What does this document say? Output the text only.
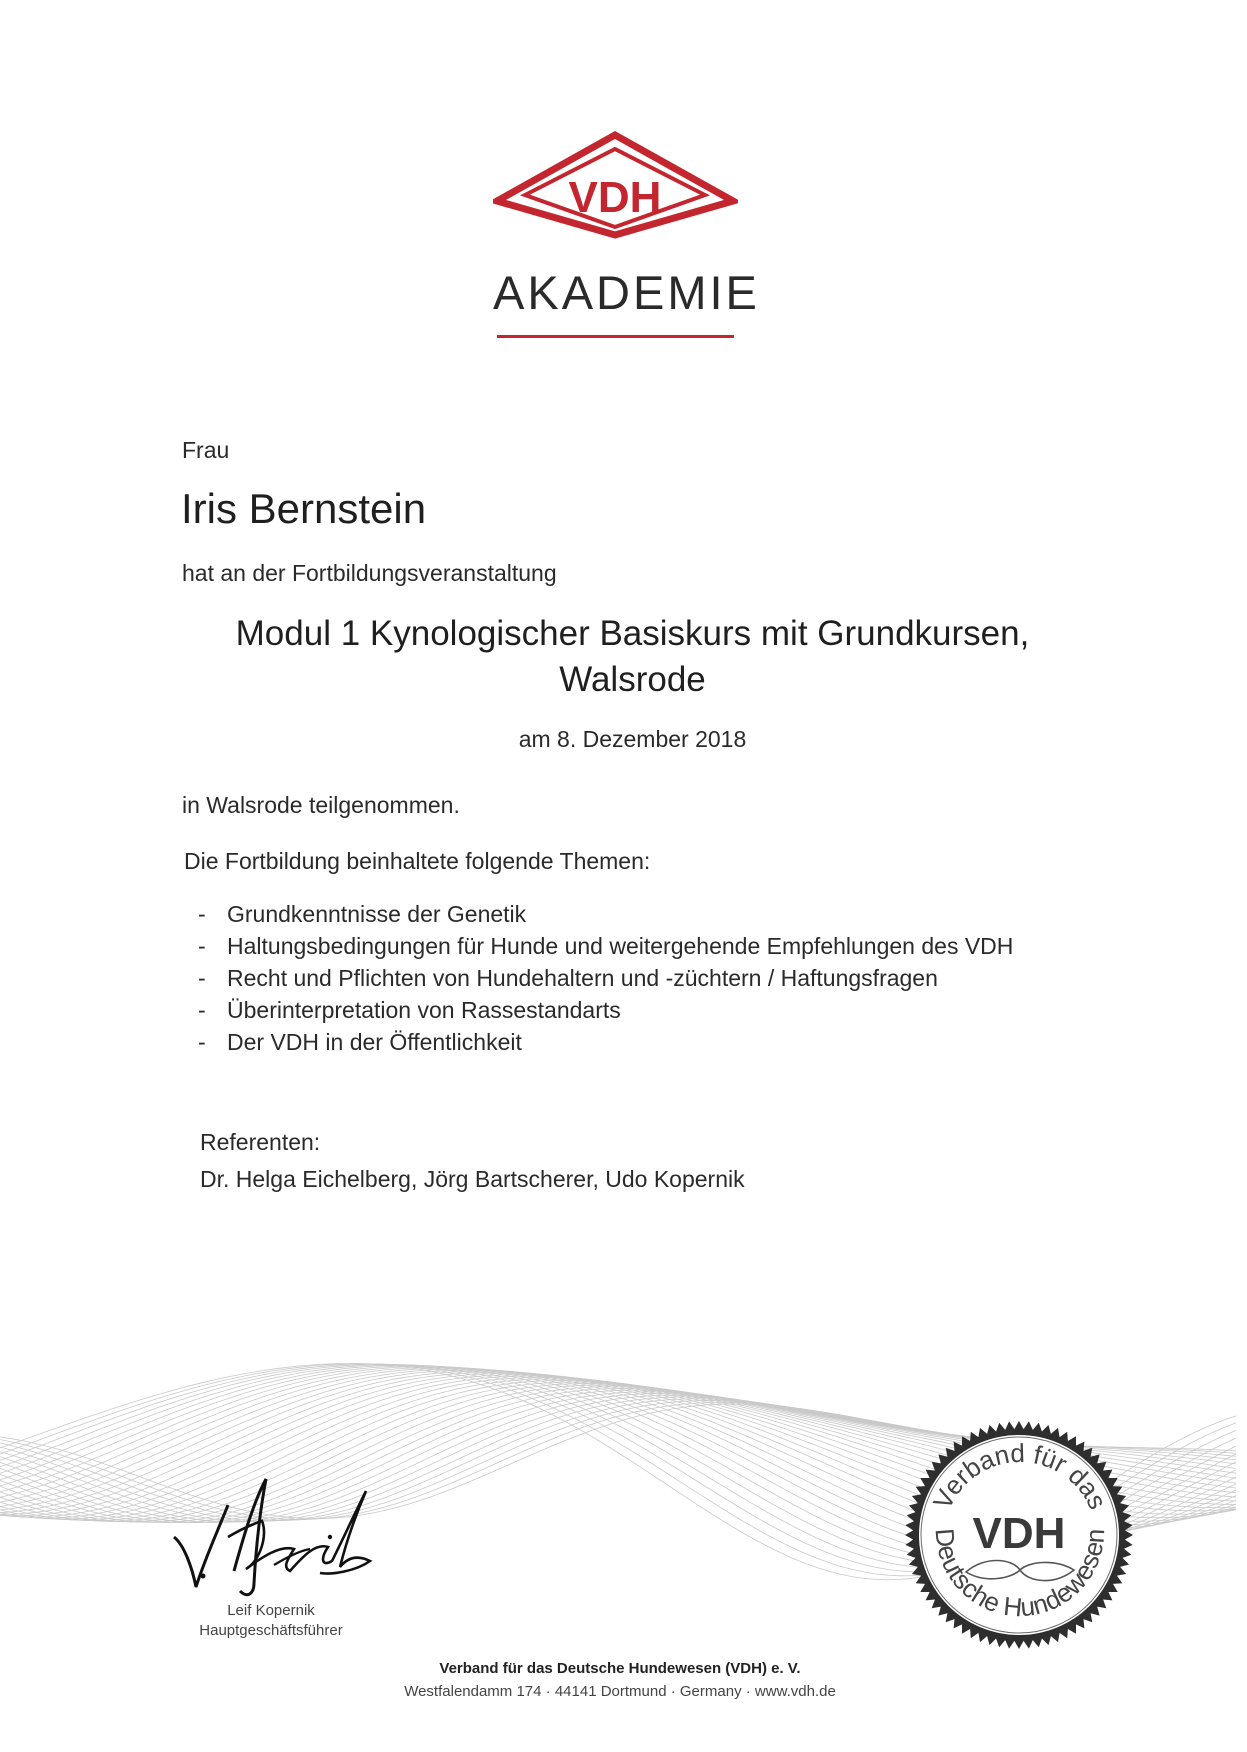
VDH
AKADEMIE
Frau
Iris Bernstein
hat an der Fortbildungsveranstaltung
Modul 1 Kynologischer Basiskurs mit Grundkursen,
Walsrode
am 8. Dezember 2018
in Walsrode teilgenommen.
Die Fortbildung beinhaltete folgende Themen:
- Grundkenntnisse der Genetik
- Haltungsbedingungen für Hunde und weitergehende Empfehlungen des VDH
- Recht und Pflichten von Hundehaltern und -züchtern / Haftungsfragen
- Überinterpretation von Rassestandarts
- Der VDH in der Öffentlichkeit
Referenten:
Dr. Helga Eichelberg, Jörg Bartscherer, Udo Kopernik
Leif Kopernik
Hauptgeschäftsführer
Verband für das
VDH
Deutsche Hundewesen
Verband für das Deutsche Hundewesen (VDH) e. V.
Westfalendamm 174 · 44141 Dortmund · Germany · www.vdh.de
